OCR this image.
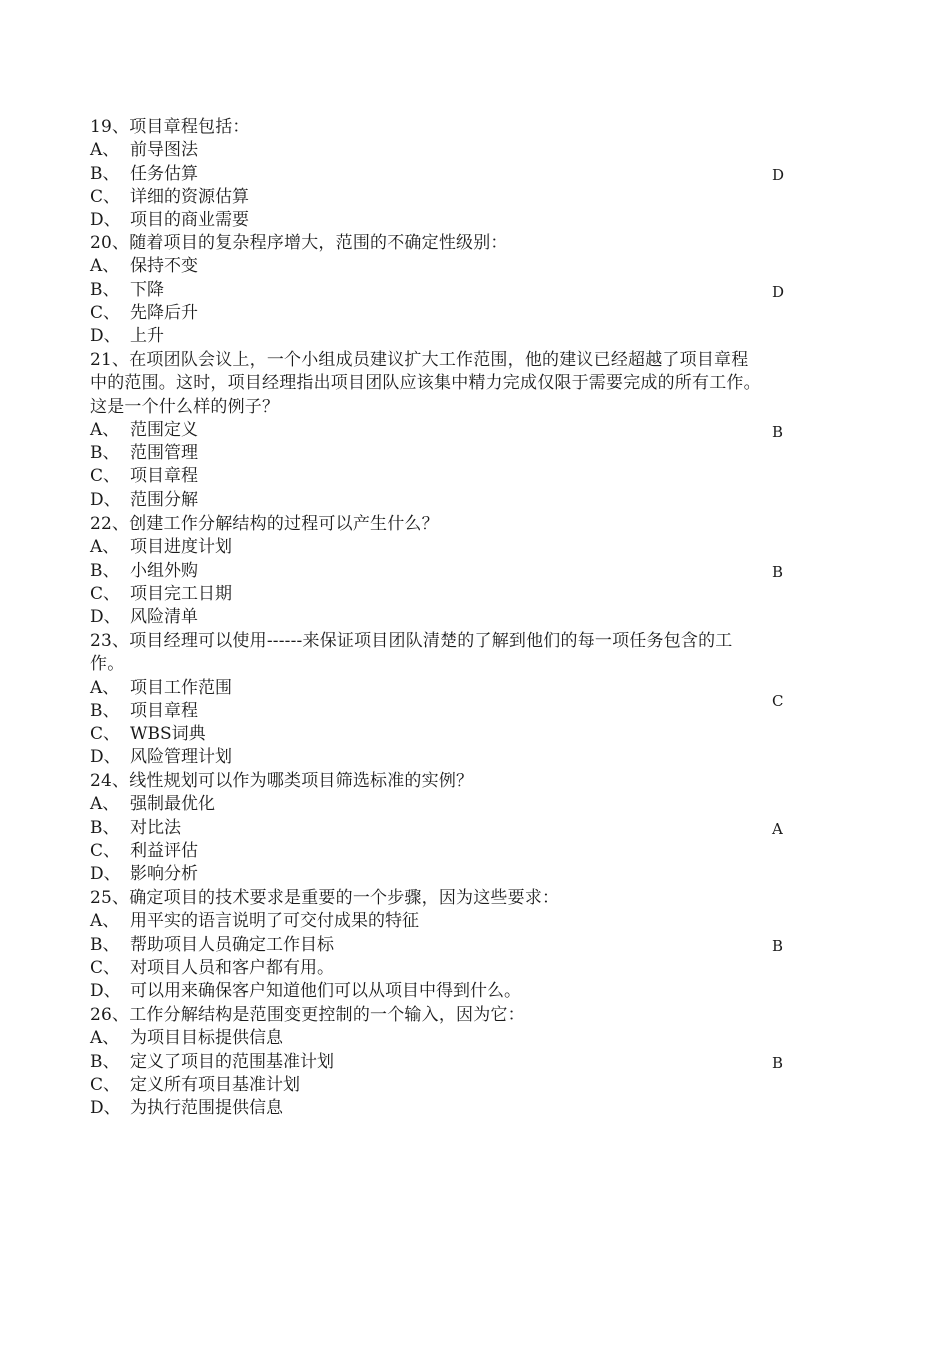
19、项目章程包括：
A、 前导图法
B、 任务估算
C、 详细的资源估算
D、 项目的商业需要
D
20、随着项目的复杂程序增大，范围的不确定性级别：
A、 保持不变
B、 下降
C、 先降后升
D、 上升
D
21、在项团队会议上，一个小组成员建议扩大工作范围，他的建议已经超越了项目章程中的范围。这时，项目经理指出项目团队应该集中精力完成仅限于需要完成的所有工作。这是一个什么样的例子？
A、 范围定义
B、 范围管理
C、 项目章程
D、 范围分解
B
22、创建工作分解结构的过程可以产生什么？
A、 项目进度计划
B、 小组外购
C、 项目完工日期
D、 风险清单
B
23、项目经理可以使用------来保证项目团队清楚的了解到他们的每一项任务包含的工作。
A、 项目工作范围
B、 项目章程
C、 WBS词典
D、 风险管理计划
C
24、线性规划可以作为哪类项目筛选标准的实例？
A、 强制最优化
B、 对比法
C、 利益评估
D、 影响分析
A
25、确定项目的技术要求是重要的一个步骤，因为这些要求：
A、 用平实的语言说明了可交付成果的特征
B、 帮助项目人员确定工作目标
C、 对项目人员和客户都有用。
D、 可以用来确保客户知道他们可以从项目中得到什么。
B
26、工作分解结构是范围变更控制的一个输入，因为它：
A、 为项目目标提供信息
B、 定义了项目的范围基准计划
C、 定义所有项目基准计划
D、 为执行范围提供信息
B
